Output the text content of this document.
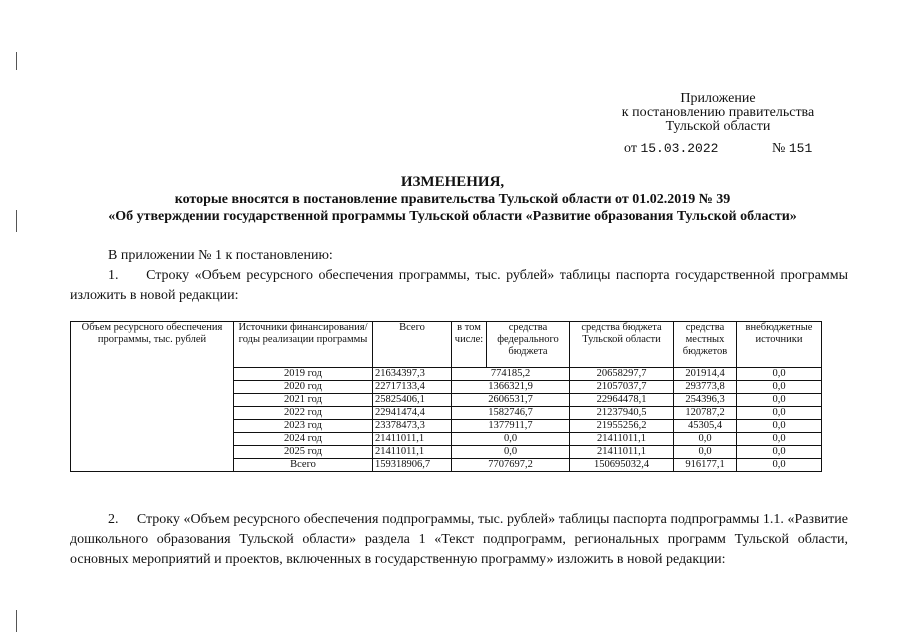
Приложение
к постановлению правительства
Тульской области
от 15.03.2022	№ 151
ИЗМЕНЕНИЯ,
которые вносятся в постановление правительства Тульской области от 01.02.2019 № 39
«Об утверждении государственной программы Тульской области «Развитие образования Тульской области»
В приложении № 1 к постановлению:
1. Строку «Объем ресурсного обеспечения программы, тыс. рублей» таблицы паспорта государственной программы изложить в новой редакции:
Объем ресурсного обеспечения программы, тыс. рублей	Источники финансирования/годы реализации программы	Всего	в том числе:	средства федерального бюджета	средства бюджета Тульской области	средства местных бюджетов	внебюджетные источники
	2019 год	21634397,3	774185,2		20658297,7	201914,4	0,0
	2020 год	22717133,4	1366321,9		21057037,7	293773,8	0,0
	2021 год	25825406,1	2606531,7		22964478,1	254396,3	0,0
	2022 год	22941474,4	1582746,7		21237940,5	120787,2	0,0
	2023 год	23378473,3	1377911,7		21955256,2	45305,4	0,0
	2024 год	21411011,1	0,0		21411011,1	0,0	0,0
	2025 год	21411011,1	0,0		21411011,1	0,0	0,0
	Всего	159318906,7	7707697,2		150695032,4	916177,1	0,0
2. Строку «Объем ресурсного обеспечения подпрограммы, тыс. рублей» таблицы паспорта подпрограммы 1.1. «Развитие дошкольного образования Тульской области» раздела 1 «Текст подпрограмм, региональных программ Тульской области, основных мероприятий и проектов, включенных в государственную программу» изложить в новой редакции:
